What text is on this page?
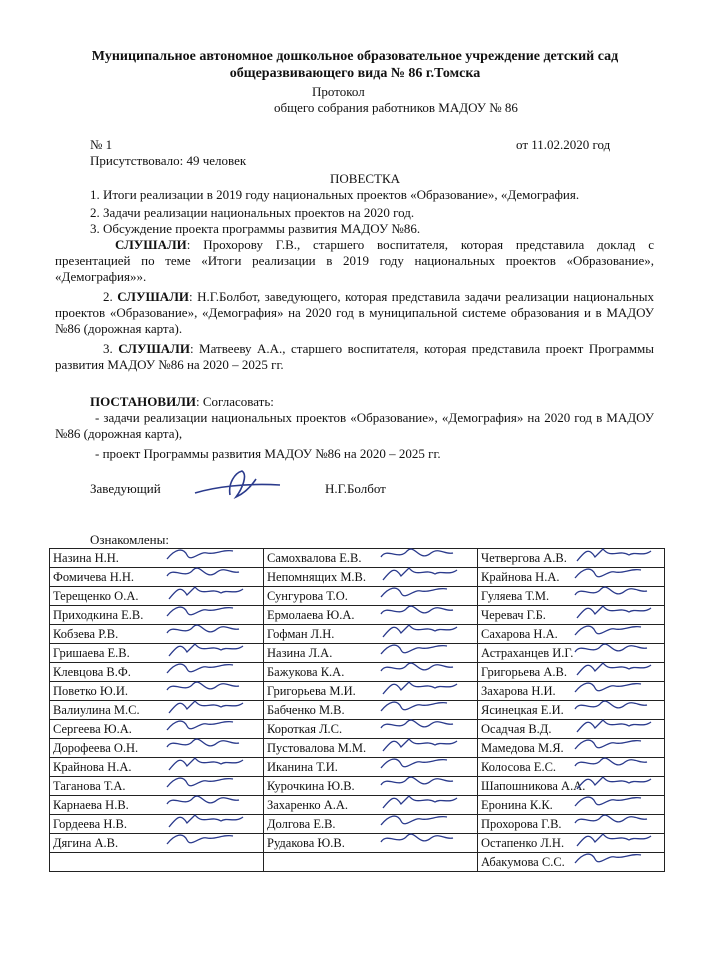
Муниципальное автономное дошкольное образовательное учреждение детский сад
общеразвивающего вида № 86 г.Томска
Протокол
общего собрания работников МАДОУ № 86
№ 1	от 11.02.2020 год
Присутствовало: 49 человек
ПОВЕСТКА
1. Итоги реализации в 2019 году национальных проектов «Образование», «Демография.
2. Задачи реализации национальных проектов на 2020 год.
3. Обсуждение проекта программы развития МАДОУ №86.
СЛУШАЛИ: Прохорову Г.В., старшего воспитателя, которая представила доклад с презентацией по теме «Итоги реализации в 2019 году национальных проектов «Образование», «Демография»».
2. СЛУШАЛИ: Н.Г.Болбот, заведующего, которая представила задачи реализации национальных проектов «Образование», «Демография» на 2020 год в муниципальной системе образования и в МАДОУ №86 (дорожная карта).
3. СЛУШАЛИ: Матвееву А.А., старшего воспитателя, которая представила проект Программы развития МАДОУ №86 на 2020 – 2025 гг.
ПОСТАНОВИЛИ: Согласовать:
- задачи реализации национальных проектов «Образование», «Демография» на 2020 год в МАДОУ №86 (дорожная карта),
- проект Программы развития МАДОУ №86 на 2020 – 2025 гг.
Заведующий	Н.Г.Болбот
Ознакомлены:
Назина Н.Н.	Самохвалова Е.В.	Четвергова А.В.

Фомичева Н.Н.	Непомнящих М.В.	Крайнова Н.А.

Терещенко О.А.	Сунгурова Т.О.	Гуляева Т.М.

Приходкина Е.В.	Ермолаева Ю.А.	Черевач Г.Б.

Кобзева Р.В.	Гофман Л.Н.	Сахарова Н.А.

Гришаева Е.В.	Назина Л.А.	Астраханцев И.Г.

Клевцова В.Ф.	Бажукова К.А.	Григорьева А.В.

Поветко Ю.И.	Григорьева М.И.	Захарова Н.И.

Валиулина М.С.	Бабченко М.В.	Ясинецкая Е.И.

Сергеева Ю.А.	Короткая Л.С.	Осадчая В.Д.

Дорофеева О.Н.	Пустовалова М.М.	Мамедова М.Я.

Крайнова Н.А.	Иканина Т.И.	Колосова Е.С.

Таганова Т.А.	Курочкина Ю.В.	Шапошникова А.А.

Карнаева Н.В.	Захаренко А.А.	Еронина К.К.

Гордеева Н.В.	Долгова Е.В.	Прохорова Г.В.

Дягина А.В.	Рудакова Ю.В.	Остапенко Л.Н.

		Абакумова С.С.
